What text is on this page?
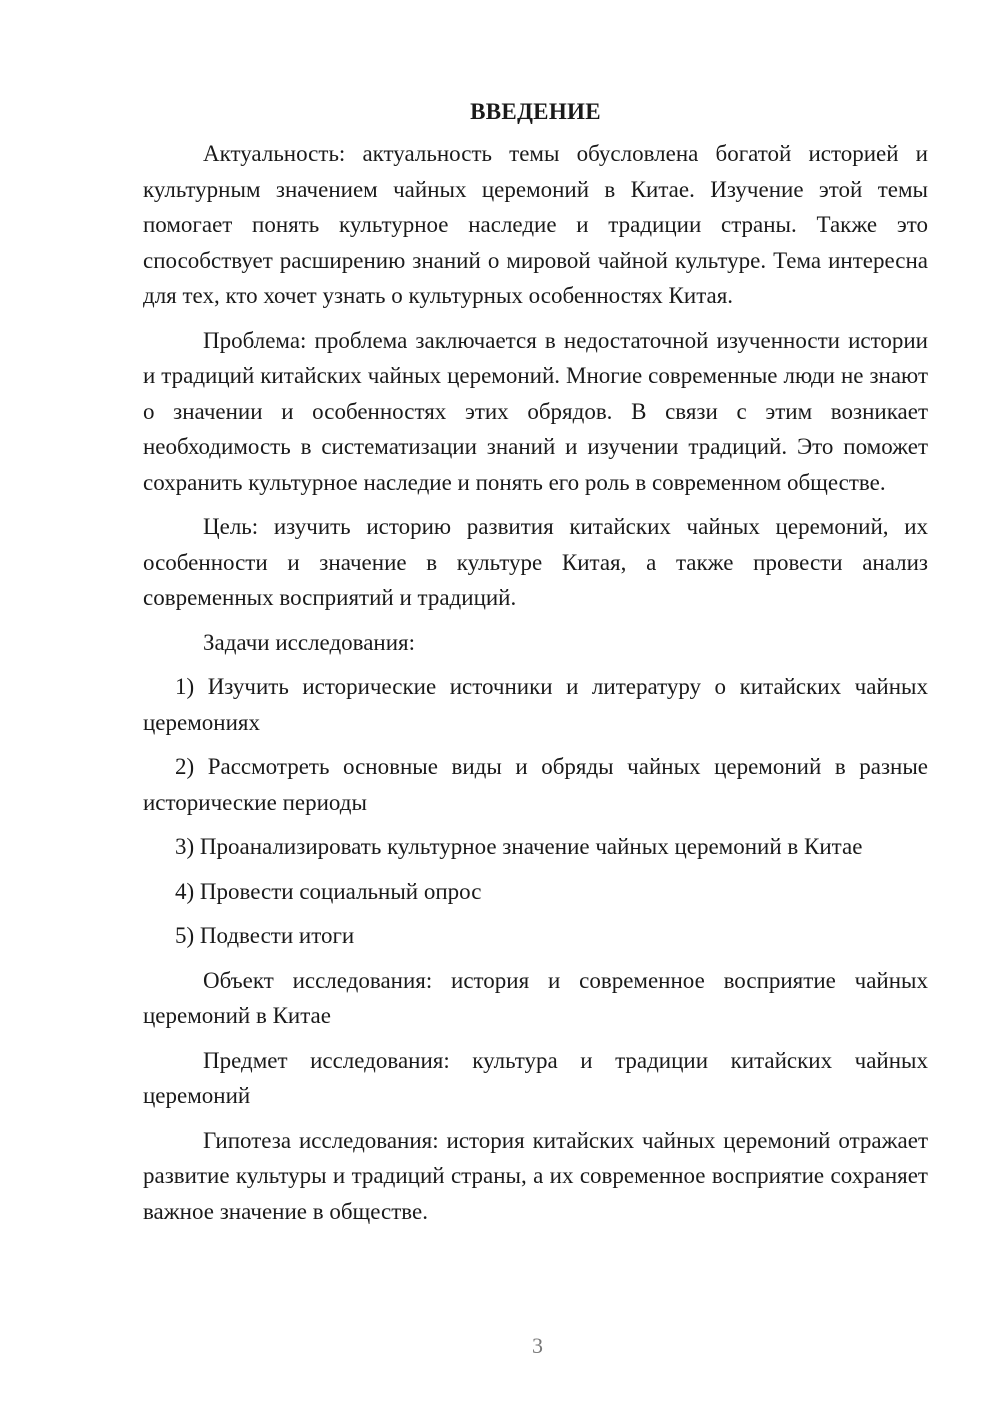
ВВЕДЕНИЕ

Актуальность: актуальность темы обусловлена богатой историей и культурным значением чайных церемоний в Китае. Изучение этой темы помогает понять культурное наследие и традиции страны. Также это способствует расширению знаний о мировой чайной культуре. Тема интересна для тех, кто хочет узнать о культурных особенностях Китая.

Проблема: проблема заключается в недостаточной изученности истории и традиций китайских чайных церемоний. Многие современные люди не знают о значении и особенностях этих обрядов. В связи с этим возникает необходимость в систематизации знаний и изучении традиций. Это поможет сохранить культурное наследие и понять его роль в современном обществе.

Цель: изучить историю развития китайских чайных церемоний, их особенности и значение в культуре Китая, а также провести анализ современных восприятий и традиций.

Задачи исследования:

1) Изучить исторические источники и литературу о китайских чайных церемониях

2) Рассмотреть основные виды и обряды чайных церемоний в разные исторические периоды

3) Проанализировать культурное значение чайных церемоний в Китае

4) Провести социальный опрос

5) Подвести итоги

Объект исследования: история и современное восприятие чайных церемоний в Китае

Предмет исследования: культура и традиции китайских чайных церемоний

Гипотеза исследования: история китайских чайных церемоний отражает развитие культуры и традиций страны, а их современное восприятие сохраняет важное значение в обществе.

3
